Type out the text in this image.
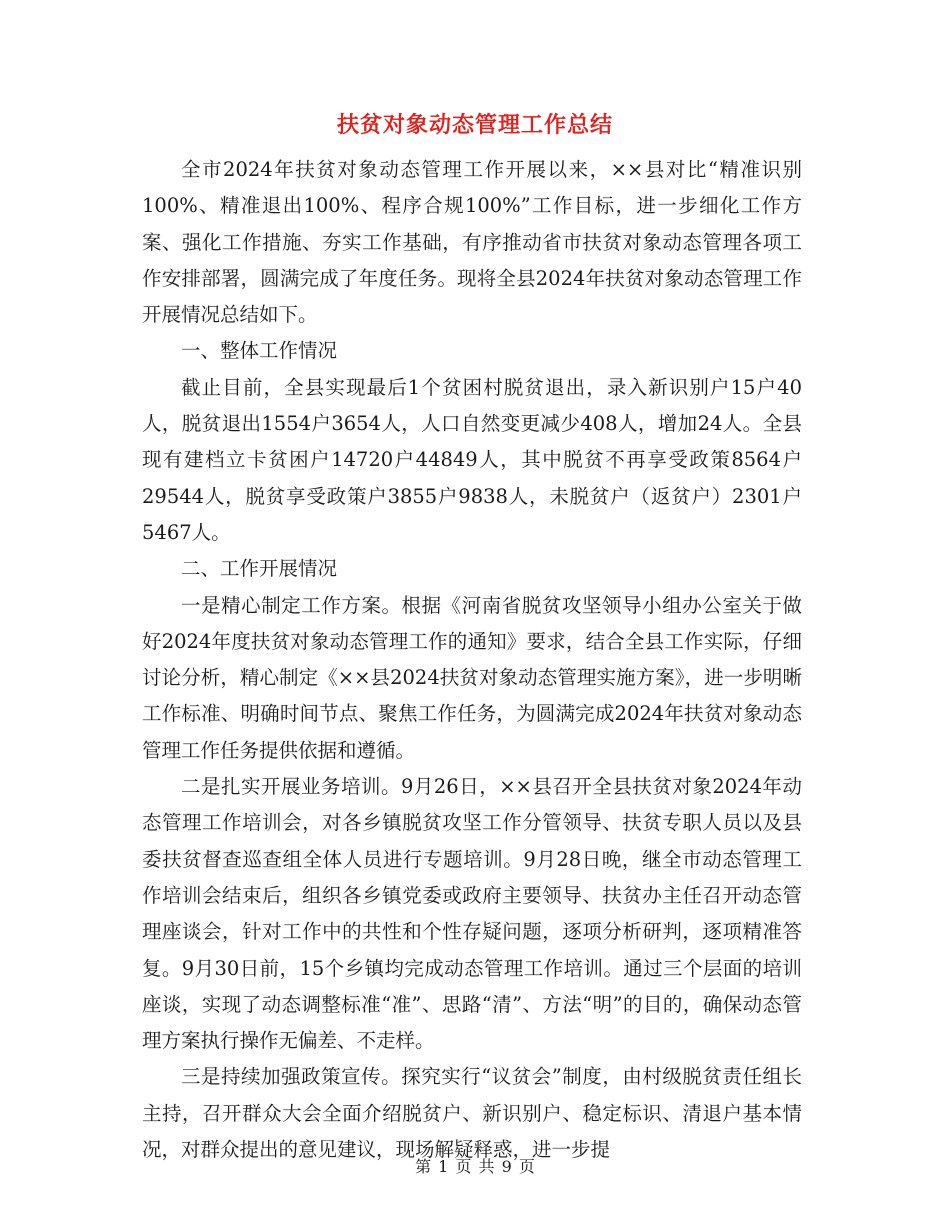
扶贫对象动态管理工作总结

全市2024年扶贫对象动态管理工作开展以来，××县对比“精准识别100%、精准退出100%、程序合规100%”工作目标，进一步细化工作方案、强化工作措施、夯实工作基础，有序推动省市扶贫对象动态管理各项工作安排部署，圆满完成了年度任务。现将全县2024年扶贫对象动态管理工作开展情况总结如下。

一、整体工作情况

截止目前，全县实现最后1个贫困村脱贫退出，录入新识别户15户40人，脱贫退出1554户3654人，人口自然变更减少408人，增加24人。全县现有建档立卡贫困户14720户44849人，其中脱贫不再享受政策8564户29544人，脱贫享受政策户3855户9838人，未脱贫户（返贫户）2301户5467人。

二、工作开展情况

一是精心制定工作方案。根据《河南省脱贫攻坚领导小组办公室关于做好2024年度扶贫对象动态管理工作的通知》要求，结合全县工作实际，仔细讨论分析，精心制定《××县2024扶贫对象动态管理实施方案》，进一步明晰工作标准、明确时间节点、聚焦工作任务，为圆满完成2024年扶贫对象动态管理工作任务提供依据和遵循。

二是扎实开展业务培训。9月26日，××县召开全县扶贫对象2024年动态管理工作培训会，对各乡镇脱贫攻坚工作分管领导、扶贫专职人员以及县委扶贫督查巡查组全体人员进行专题培训。9月28日晚，继全市动态管理工作培训会结束后，组织各乡镇党委或政府主要领导、扶贫办主任召开动态管理座谈会，针对工作中的共性和个性存疑问题，逐项分析研判，逐项精准答复。9月30日前，15个乡镇均完成动态管理工作培训。通过三个层面的培训座谈，实现了动态调整标准“准”、思路“清”、方法“明”的目的，确保动态管理方案执行操作无偏差、不走样。

三是持续加强政策宣传。探究实行“议贫会”制度，由村级脱贫责任组长主持，召开群众大会全面介绍脱贫户、新识别户、稳定标识、清退户基本情况，对群众提出的意见建议，现场解疑释惑，进一步提

第 1 页 共 9 页
